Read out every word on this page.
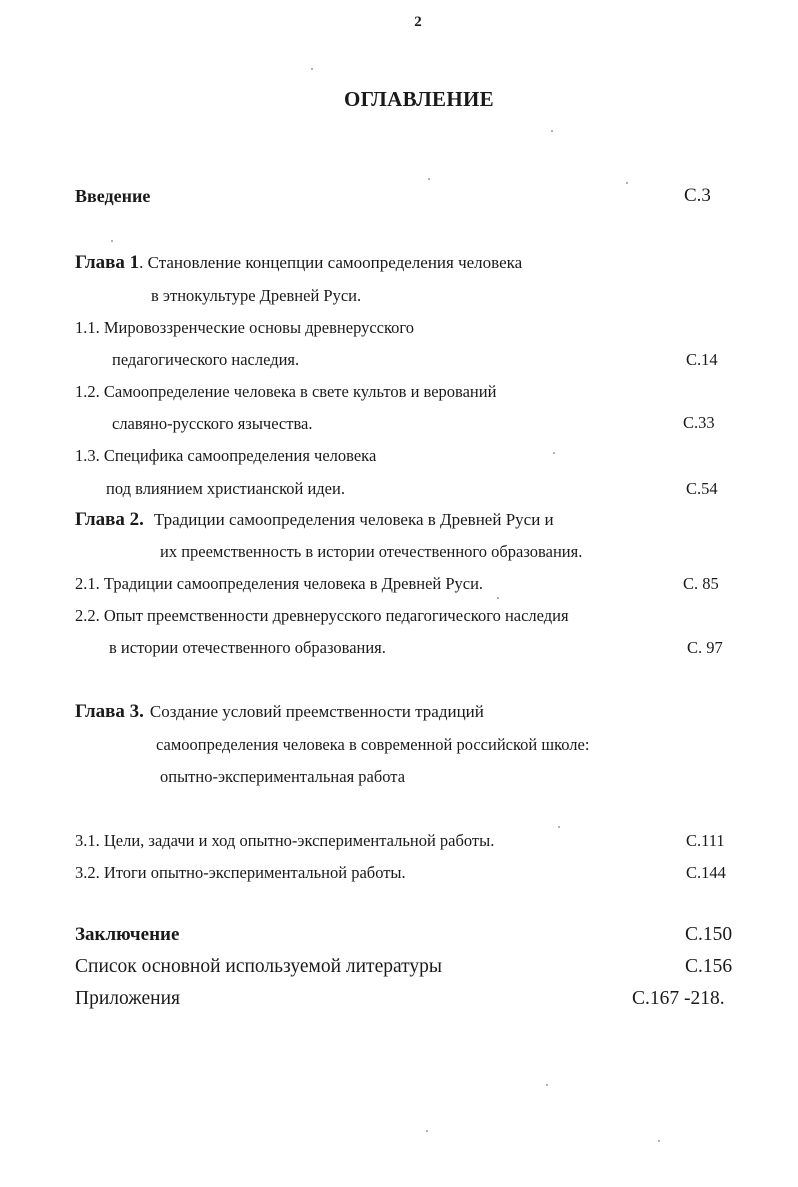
2
ОГЛАВЛЕНИЕ
Введение	С.3
Глава 1. Становление концепции самоопределения человека
в этнокультуре Древней Руси.
1.1. Мировоззренческие основы древнерусского
педагогического наследия.	С.14
1.2. Самоопределение человека в свете культов и верований
славяно-русского язычества.	С.33
1.3. Специфика самоопределения человека
под влиянием христианской идеи.	С.54
Глава 2. Традиции самоопределения человека в Древней Руси и
их преемственность в истории отечественного образования.
2.1. Традиции самоопределения человека в Древней Руси.	С. 85
2.2. Опыт преемственности древнерусского педагогического наследия
в истории отечественного образования.	С. 97
Глава 3. Создание условий преемственности традиций
самоопределения человека в современной российской школе:
опытно-экспериментальная работа
3.1. Цели, задачи и ход опытно-экспериментальной работы.	С.111
3.2. Итоги опытно-экспериментальной работы.	С.144
Заключение	С.150
Список основной используемой литературы	С.156
Приложения	С.167 -218.
